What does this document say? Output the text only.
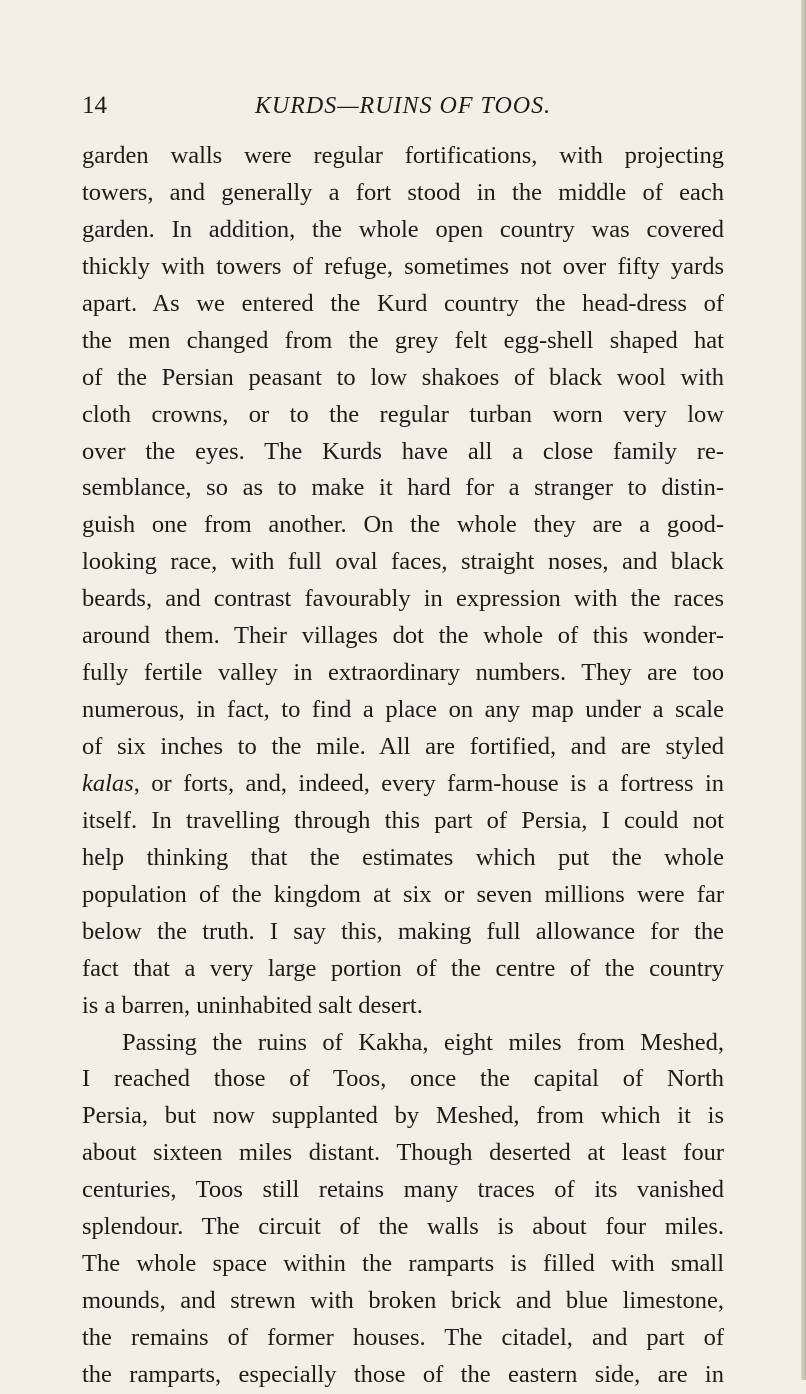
14	KURDS—RUINS OF TOOS.
garden walls were regular fortifications, with projecting
towers, and generally a fort stood in the middle of each
garden. In addition, the whole open country was covered
thickly with towers of refuge, sometimes not over fifty yards
apart. As we entered the Kurd country the head-dress of
the men changed from the grey felt egg-shell shaped hat
of the Persian peasant to low shakoes of black wool with
cloth crowns, or to the regular turban worn very low
over the eyes. The Kurds have all a close family re-
semblance, so as to make it hard for a stranger to distin-
guish one from another. On the whole they are a good-
looking race, with full oval faces, straight noses, and black
beards, and contrast favourably in expression with the races
around them. Their villages dot the whole of this wonder-
fully fertile valley in extraordinary numbers. They are too
numerous, in fact, to find a place on any map under a scale
of six inches to the mile. All are fortified, and are styled
kalas, or forts, and, indeed, every farm-house is a fortress in
itself. In travelling through this part of Persia, I could not
help thinking that the estimates which put the whole
population of the kingdom at six or seven millions were far
below the truth. I say this, making full allowance for the
fact that a very large portion of the centre of the country
is a barren, uninhabited salt desert.
Passing the ruins of Kakha, eight miles from Meshed,
I reached those of Toos, once the capital of North
Persia, but now supplanted by Meshed, from which it is
about sixteen miles distant. Though deserted at least four
centuries, Toos still retains many traces of its vanished
splendour. The circuit of the walls is about four miles.
The whole space within the ramparts is filled with small
mounds, and strewn with broken brick and blue limestone,
the remains of former houses. The citadel, and part of
the ramparts, especially those of the eastern side, are in
